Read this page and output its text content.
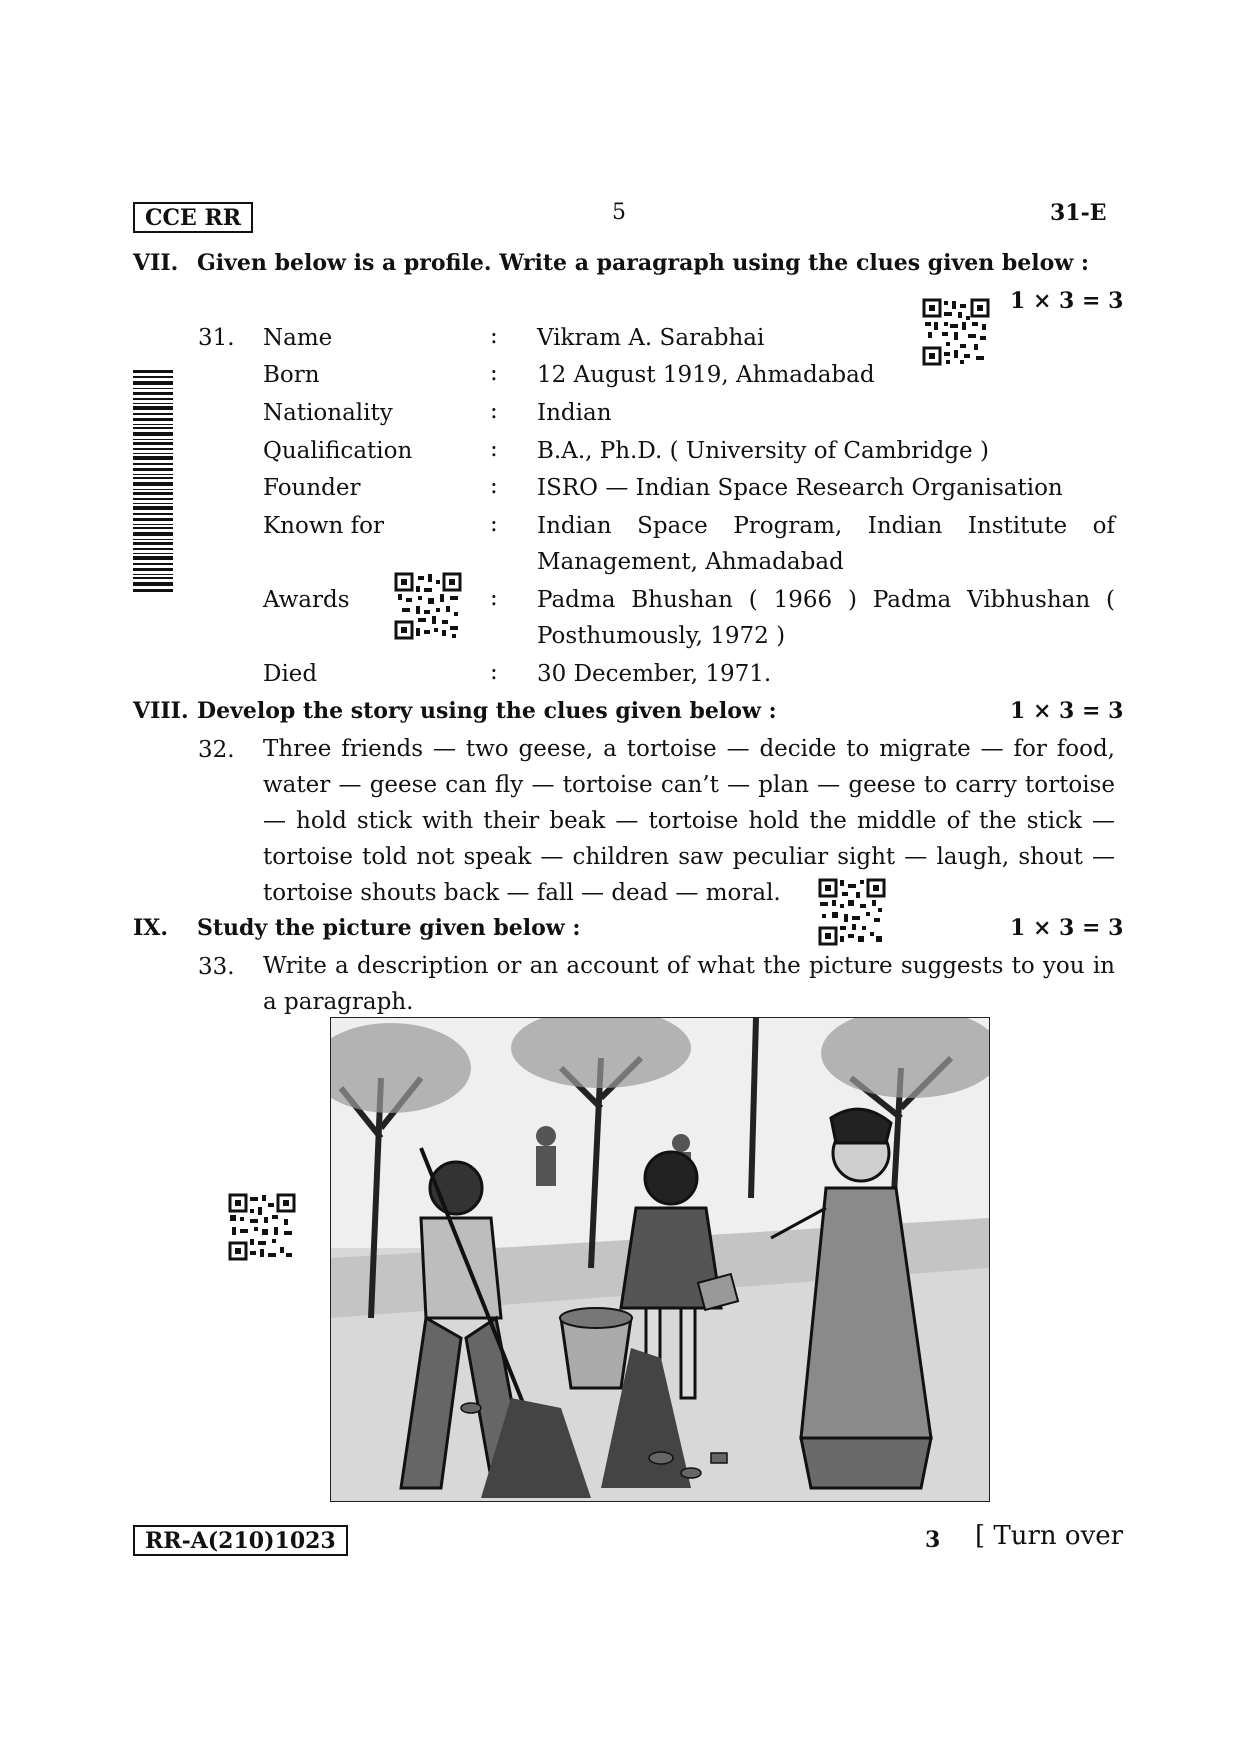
CCE RR	5	31-E
VII. Given below is a profile. Write a paragraph using the clues given below :
1 × 3 = 3
31. Name	: Vikram A. Sarabhai
Born	: 12 August 1919, Ahmadabad
Nationality	: Indian
Qualification	: B.A., Ph.D. ( University of Cambridge )
Founder	: ISRO — Indian Space Research Organisation
Known for	: Indian Space Program, Indian Institute of Management, Ahmadabad
Awards	: Padma Bhushan ( 1966 ) Padma Vibhushan ( Posthumously, 1972 )
Died	: 30 December, 1971.
VIII. Develop the story using the clues given below :	1 × 3 = 3
32. Three friends — two geese, a tortoise — decide to migrate — for food, water — geese can fly — tortoise can’t — plan — geese to carry tortoise — hold stick with their beak — tortoise hold the middle of the stick — tortoise told not speak — children saw peculiar sight — laugh, shout — tortoise shouts back — fall — dead — moral.
IX. Study the picture given below :	1 × 3 = 3
33. Write a description or an account of what the picture suggests to you in a paragraph.
RR-A(210)1023	3 [ Turn over
